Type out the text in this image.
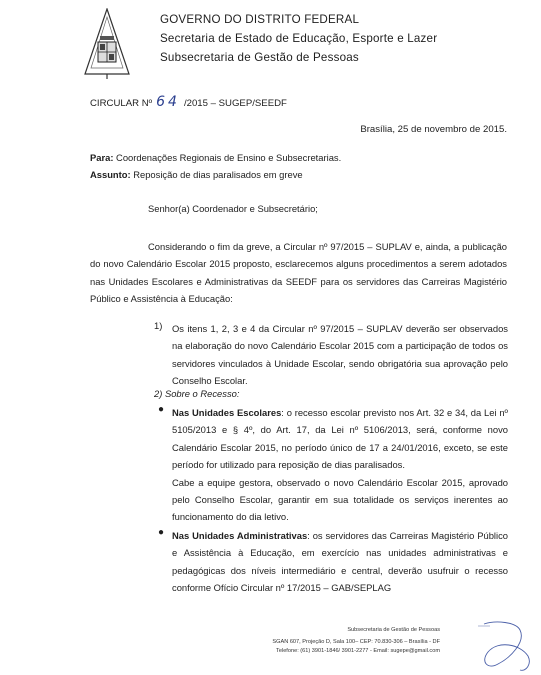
GOVERNO DO DISTRITO FEDERAL
Secretaria de Estado de Educação, Esporte e Lazer
Subsecretaria de Gestão de Pessoas
CIRCULAR Nº 64 /2015 – SUGEP/SEEDF
Brasília, 25 de novembro de 2015.
Para: Coordenações Regionais de Ensino e Subsecretarias.
Assunto: Reposição de dias paralisados em greve
Senhor(a) Coordenador e Subsecretário;
Considerando o fim da greve, a Circular nº 97/2015 – SUPLAV e, ainda, a publicação do novo Calendário Escolar 2015 proposto, esclarecemos alguns procedimentos a serem adotados nas Unidades Escolares e Administrativas da SEEDF para os servidores das Carreiras Magistério Público e Assistência à Educação:
1) Os itens 1, 2, 3 e 4 da Circular nº 97/2015 – SUPLAV deverão ser observados na elaboração do novo Calendário Escolar 2015 com a participação de todos os servidores vinculados à Unidade Escolar, sendo obrigatória sua aprovação pelo Conselho Escolar.
2) Sobre o Recesso:
● Nas Unidades Escolares: o recesso escolar previsto nos Art. 32 e 34, da Lei nº 5105/2013 e § 4º, do Art. 17, da Lei nº 5106/2013, será, conforme novo Calendário Escolar 2015, no período único de 17 a 24/01/2016, exceto, se este período for utilizado para reposição de dias paralisados.
Cabe a equipe gestora, observado o novo Calendário Escolar 2015, aprovado pelo Conselho Escolar, garantir em sua totalidade os serviços inerentes ao funcionamento do dia letivo.
● Nas Unidades Administrativas: os servidores das Carreiras Magistério Público e Assistência à Educação, em exercício nas unidades administrativas e pedagógicas dos níveis intermediário e central, deverão usufruir o recesso conforme Ofício Circular nº 17/2015 – GAB/SEPLAG
Subsecretaria de Gestão de Pessoas
SGAN 607, Projeção D, Sala 100– CEP: 70.830-306 – Brasília - DF
Telefone: (61) 3901-1846/ 3901-2277 - Email: sugepe@gmail.com
